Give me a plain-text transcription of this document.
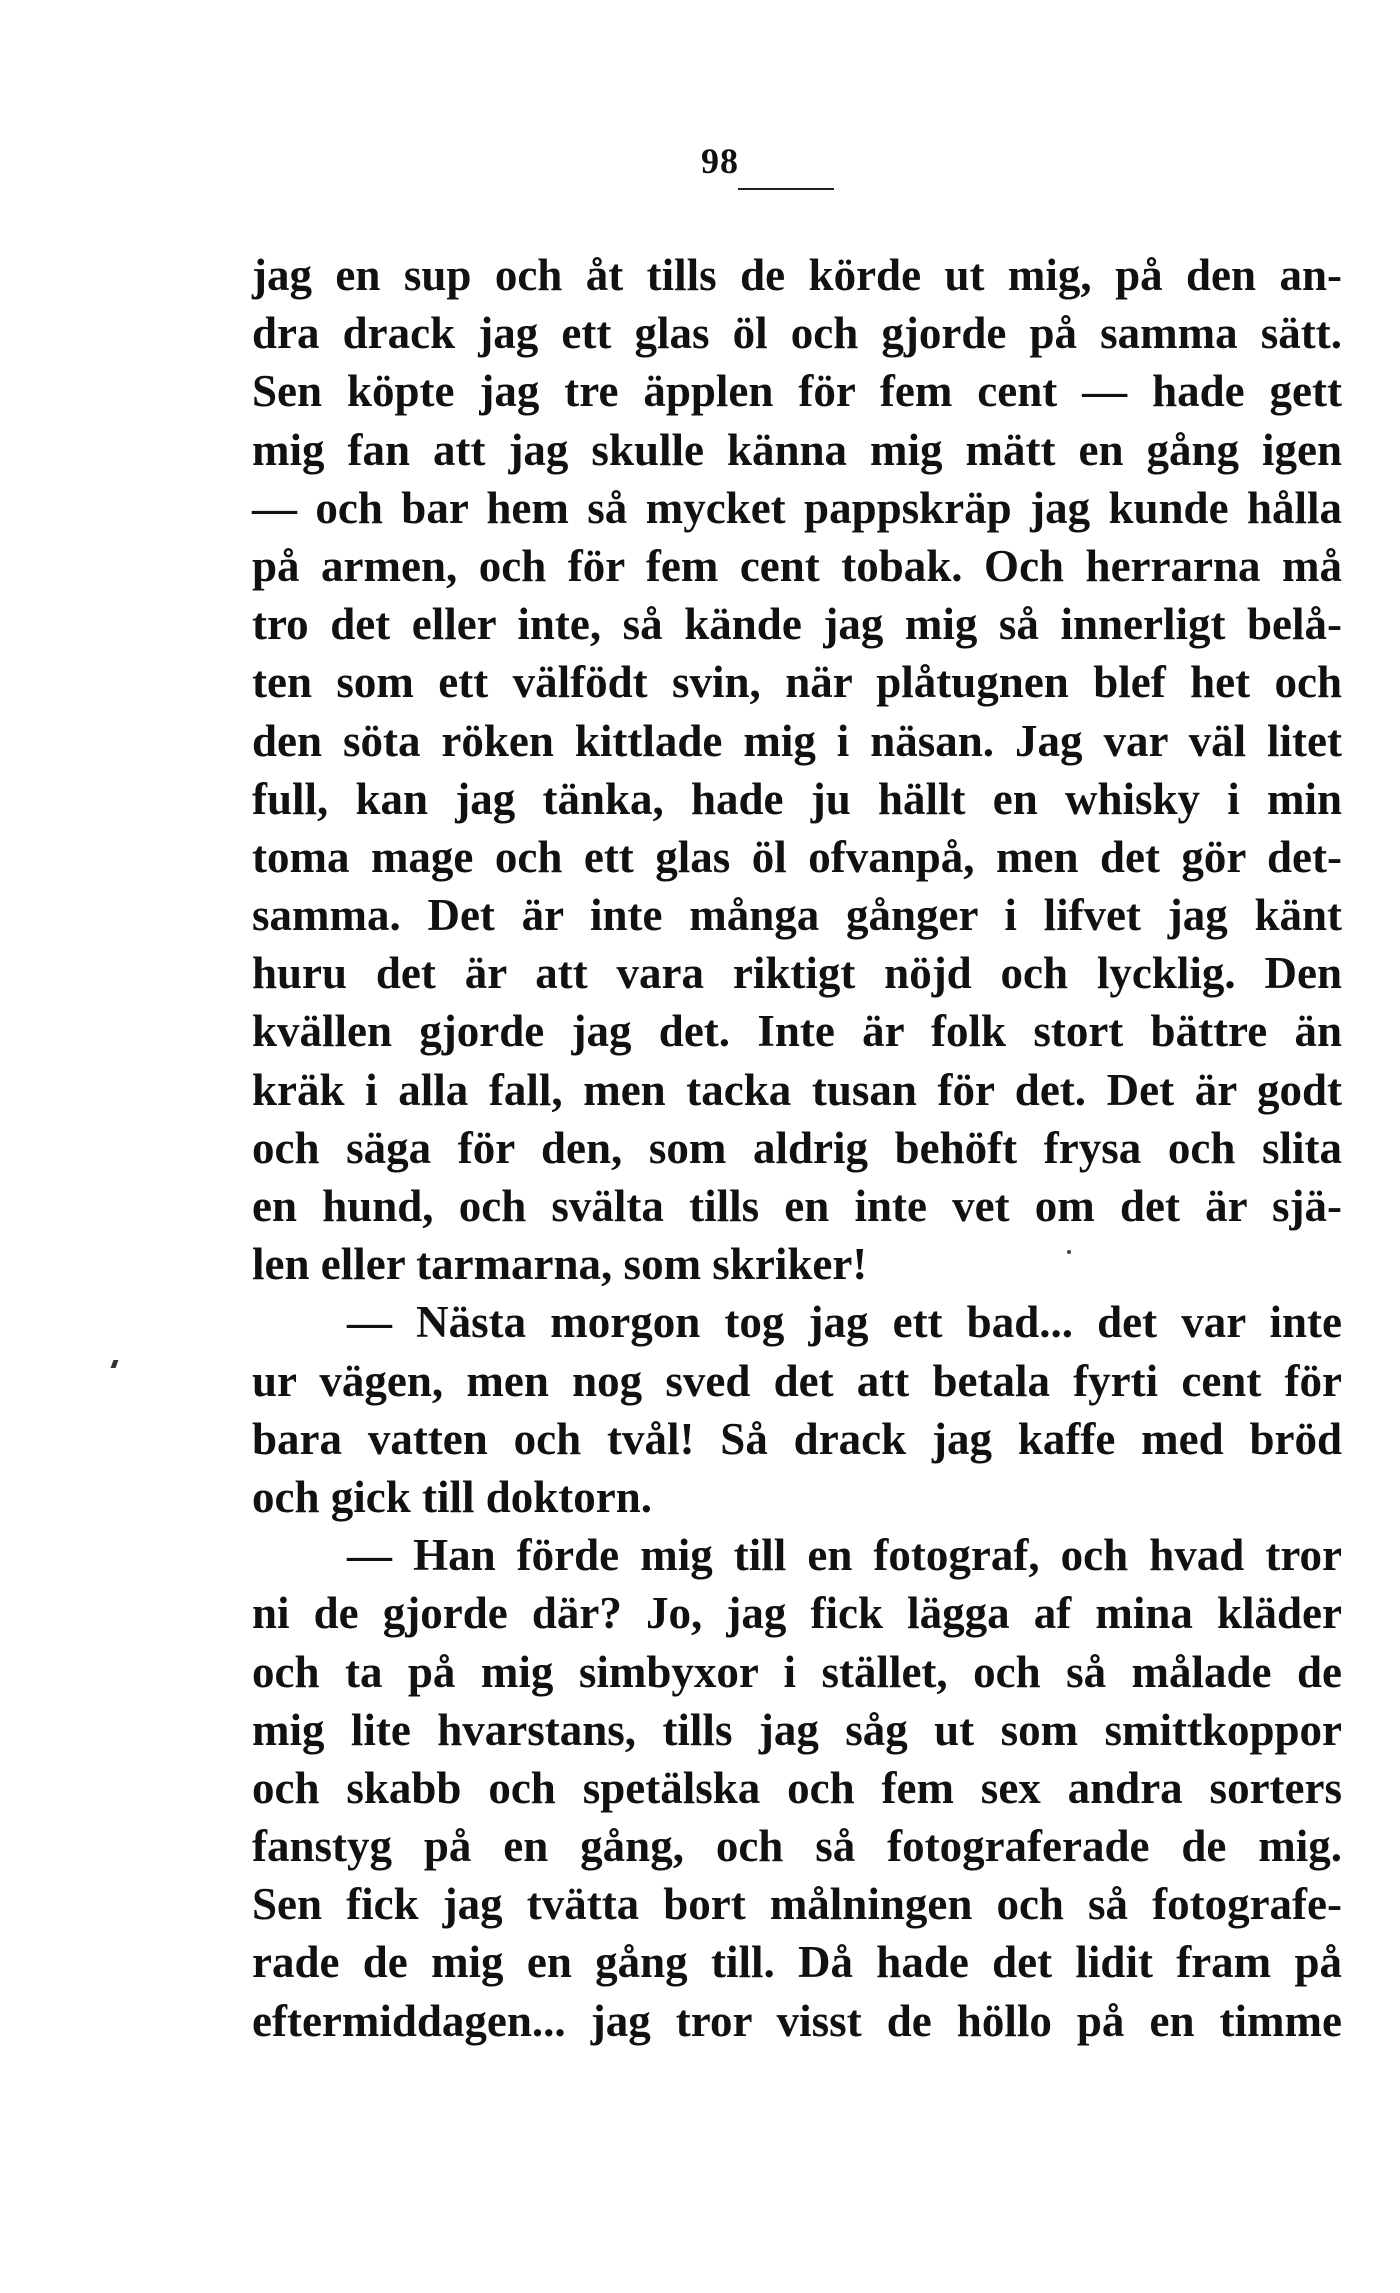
98
jag en sup och åt tills de körde ut mig, på den an-
dra drack jag ett glas öl och gjorde på samma sätt.
Sen köpte jag tre äpplen för fem cent — hade gett
mig fan att jag skulle känna mig mätt en gång igen
— och bar hem så mycket pappskräp jag kunde hålla
på armen, och för fem cent tobak. Och herrarna må
tro det eller inte, så kände jag mig så innerligt belå-
ten som ett välfödt svin, när plåtugnen blef het och
den söta röken kittlade mig i näsan. Jag var väl litet
full, kan jag tänka, hade ju hällt en whisky i min
toma mage och ett glas öl ofvanpå, men det gör det-
samma. Det är inte många gånger i lifvet jag känt
huru det är att vara riktigt nöjd och lycklig. Den
kvällen gjorde jag det. Inte är folk stort bättre än
kräk i alla fall, men tacka tusan för det. Det är godt
och säga för den, som aldrig behöft frysa och slita
en hund, och svälta tills en inte vet om det är sjä-
len eller tarmarna, som skriker!
— Nästa morgon tog jag ett bad... det var inte
ur vägen, men nog sved det att betala fyrti cent för
bara vatten och tvål! Så drack jag kaffe med bröd
och gick till doktorn.
— Han förde mig till en fotograf, och hvad tror
ni de gjorde där? Jo, jag fick lägga af mina kläder
och ta på mig simbyxor i stället, och så målade de
mig lite hvarstans, tills jag såg ut som smittkoppor
och skabb och spetälska och fem sex andra sorters
fanstyg på en gång, och så fotograferade de mig.
Sen fick jag tvätta bort målningen och så fotografe-
rade de mig en gång till. Då hade det lidit fram på
eftermiddagen... jag tror visst de höllo på en timme
